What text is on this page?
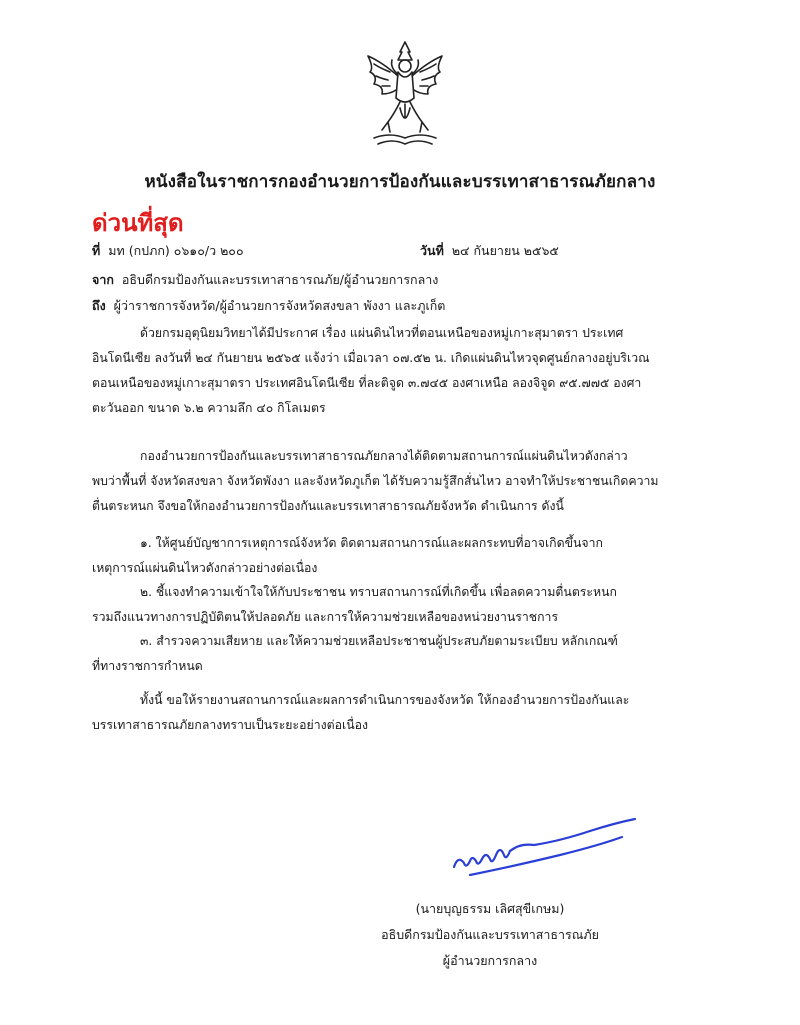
หนังสือในราชการกองอำนวยการป้องกันและบรรเทาสาธารณภัยกลาง
ด่วนที่สุด
ที่ มท (กปภก) ๐๖๑๐/ว ๒๐๐	วันที่ ๒๔ กันยายน ๒๕๖๕
จาก อธิบดีกรมป้องกันและบรรเทาสาธารณภัย/ผู้อำนวยการกลาง
ถึง ผู้ว่าราชการจังหวัด/ผู้อำนวยการจังหวัดสงขลา พังงา และภูเก็ต
ด้วยกรมอุตุนิยมวิทยาได้มีประกาศ เรื่อง แผ่นดินไหวที่ตอนเหนือของหมู่เกาะสุมาตรา ประเทศ
อินโดนีเซีย ลงวันที่ ๒๔ กันยายน ๒๕๖๕ แจ้งว่า เมื่อเวลา ๐๗.๕๒ น. เกิดแผ่นดินไหวจุดศูนย์กลางอยู่บริเวณ
ตอนเหนือของหมู่เกาะสุมาตรา ประเทศอินโดนีเซีย ที่ละติจูด ๓.๗๔๕ องศาเหนือ ลองจิจูด ๙๕.๗๗๕ องศา
ตะวันออก ขนาด ๖.๒ ความลึก ๔๐ กิโลเมตร
กองอำนวยการป้องกันและบรรเทาสาธารณภัยกลางได้ติดตามสถานการณ์แผ่นดินไหวดังกล่าว
พบว่าพื้นที่ จังหวัดสงขลา จังหวัดพังงา และจังหวัดภูเก็ต ได้รับความรู้สึกสั่นไหว อาจทำให้ประชาชนเกิดความ
ตื่นตระหนก จึงขอให้กองอำนวยการป้องกันและบรรเทาสาธารณภัยจังหวัด ดำเนินการ ดังนี้
๑. ให้ศูนย์บัญชาการเหตุการณ์จังหวัด ติดตามสถานการณ์และผลกระทบที่อาจเกิดขึ้นจาก
เหตุการณ์แผ่นดินไหวดังกล่าวอย่างต่อเนื่อง
๒. ชี้แจงทำความเข้าใจให้กับประชาชน ทราบสถานการณ์ที่เกิดขึ้น เพื่อลดความตื่นตระหนก
รวมถึงแนวทางการปฏิบัติตนให้ปลอดภัย และการให้ความช่วยเหลือของหน่วยงานราชการ
๓. สำรวจความเสียหาย และให้ความช่วยเหลือประชาชนผู้ประสบภัยตามระเบียบ หลักเกณฑ์
ที่ทางราชการกำหนด
ทั้งนี้ ขอให้รายงานสถานการณ์และผลการดำเนินการของจังหวัด ให้กองอำนวยการป้องกันและ
บรรเทาสาธารณภัยกลางทราบเป็นระยะอย่างต่อเนื่อง
(นายบุญธรรม เลิศสุขีเกษม)
อธิบดีกรมป้องกันและบรรเทาสาธารณภัย
ผู้อำนวยการกลาง
